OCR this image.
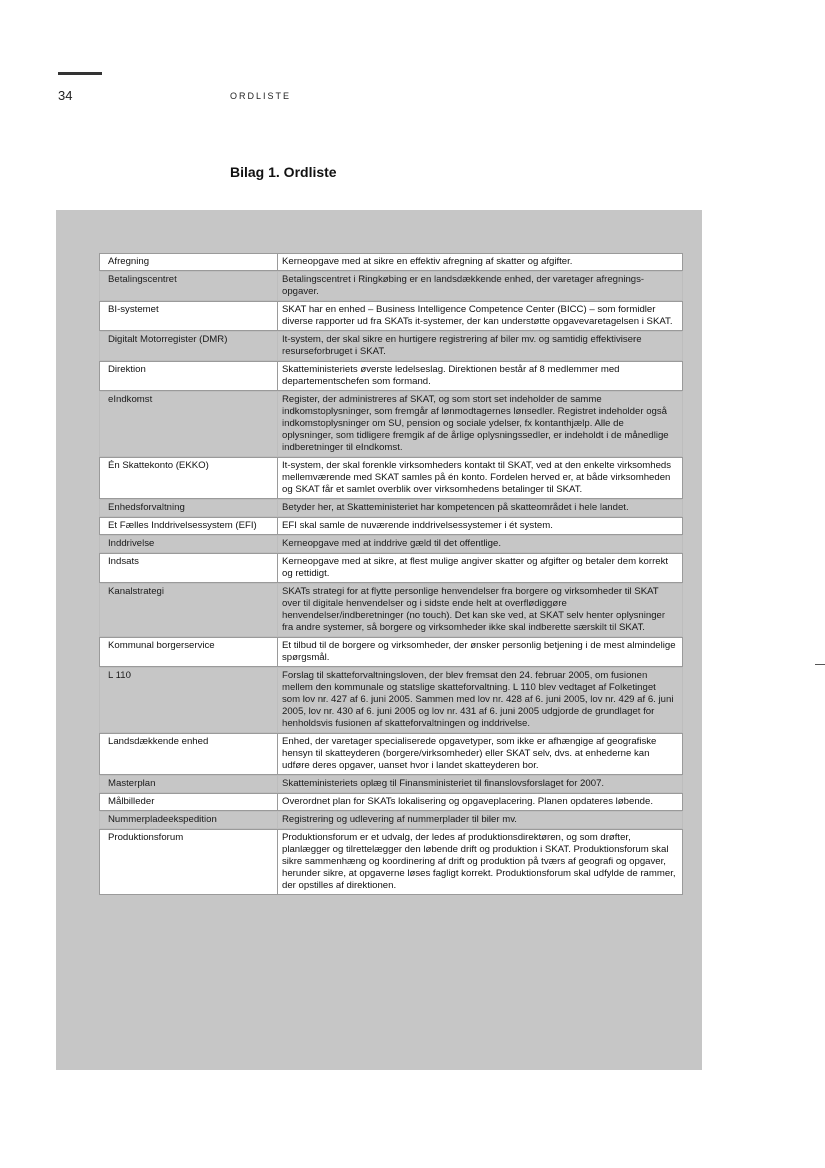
34	ORDLISTE
Bilag 1. Ordliste
Afregning	Kerneopgave med at sikre en effektiv afregning af skatter og afgifter.
Betalingscentret	Betalingscentret i Ringkøbing er en landsdækkende enhed, der varetager afregnings-opgaver.
BI-systemet	SKAT har en enhed – Business Intelligence Competence Center (BICC) – som formidler diverse rapporter ud fra SKATs it-systemer, der kan understøtte opgavevaretagelsen i SKAT.
Digitalt Motorregister (DMR)	It-system, der skal sikre en hurtigere registrering af biler mv. og samtidig effektivisere resurseforbruget i SKAT.
Direktion	Skatteministeriets øverste ledelseslag. Direktionen består af 8 medlemmer med departementschefen som formand.
eIndkomst	Register, der administreres af SKAT, og som stort set indeholder de samme indkomstoplysninger, som fremgår af lønmodtagernes lønsedler. Registret indeholder også indkomstoplysninger om SU, pension og sociale ydelser, fx kontanthjælp. Alle de oplysninger, som tidligere fremgik af de årlige oplysningssedler, er indeholdt i de månedlige indberetninger til eIndkomst.
Én Skattekonto (EKKO)	It-system, der skal forenkle virksomheders kontakt til SKAT, ved at den enkelte virksomheds mellemværende med SKAT samles på én konto. Fordelen herved er, at både virksomheden og SKAT får et samlet overblik over virksomhedens betalinger til SKAT.
Enhedsforvaltning	Betyder her, at Skatteministeriet har kompetencen på skatteområdet i hele landet.
Et Fælles Inddrivelsessystem (EFI)	EFI skal samle de nuværende inddrivelsessystemer i ét system.
Inddrivelse	Kerneopgave med at inddrive gæld til det offentlige.
Indsats	Kerneopgave med at sikre, at flest mulige angiver skatter og afgifter og betaler dem korrekt og rettidigt.
Kanalstrategi	SKATs strategi for at flytte personlige henvendelser fra borgere og virksomheder til SKAT over til digitale henvendelser og i sidste ende helt at overflødiggøre henvendelser/indberetninger (no touch). Det kan ske ved, at SKAT selv henter oplysninger fra andre systemer, så borgere og virksomheder ikke skal indberette særskilt til SKAT.
Kommunal borgerservice	Et tilbud til de borgere og virksomheder, der ønsker personlig betjening i de mest almindelige spørgsmål.
L 110	Forslag til skatteforvaltningsloven, der blev fremsat den 24. februar 2005, om fusionen mellem den kommunale og statslige skatteforvaltning. L 110 blev vedtaget af Folketinget som lov nr. 427 af 6. juni 2005. Sammen med lov nr. 428 af 6. juni 2005, lov nr. 429 af 6. juni 2005, lov nr. 430 af 6. juni 2005 og lov nr. 431 af 6. juni 2005 udgjorde de grundlaget for henholdsvis fusionen af skatteforvaltningen og inddrivelse.
Landsdækkende enhed	Enhed, der varetager specialiserede opgavetyper, som ikke er afhængige af geografiske hensyn til skatteyderen (borgere/virksomheder) eller SKAT selv, dvs. at enhederne kan udføre deres opgaver, uanset hvor i landet skatteyderen bor.
Masterplan	Skatteministeriets oplæg til Finansministeriet til finanslovsforslaget for 2007.
Målbilleder	Overordnet plan for SKATs lokalisering og opgaveplacering. Planen opdateres løbende.
Nummerpladeekspedition	Registrering og udlevering af nummerplader til biler mv.
Produktionsforum	Produktionsforum er et udvalg, der ledes af produktionsdirektøren, og som drøfter, planlægger og tilrettelægger den løbende drift og produktion i SKAT. Produktionsforum skal sikre sammenhæng og koordinering af drift og produktion på tværs af geografi og opgaver, herunder sikre, at opgaverne løses fagligt korrekt. Produktionsforum skal udfylde de rammer, der opstilles af direktionen.
